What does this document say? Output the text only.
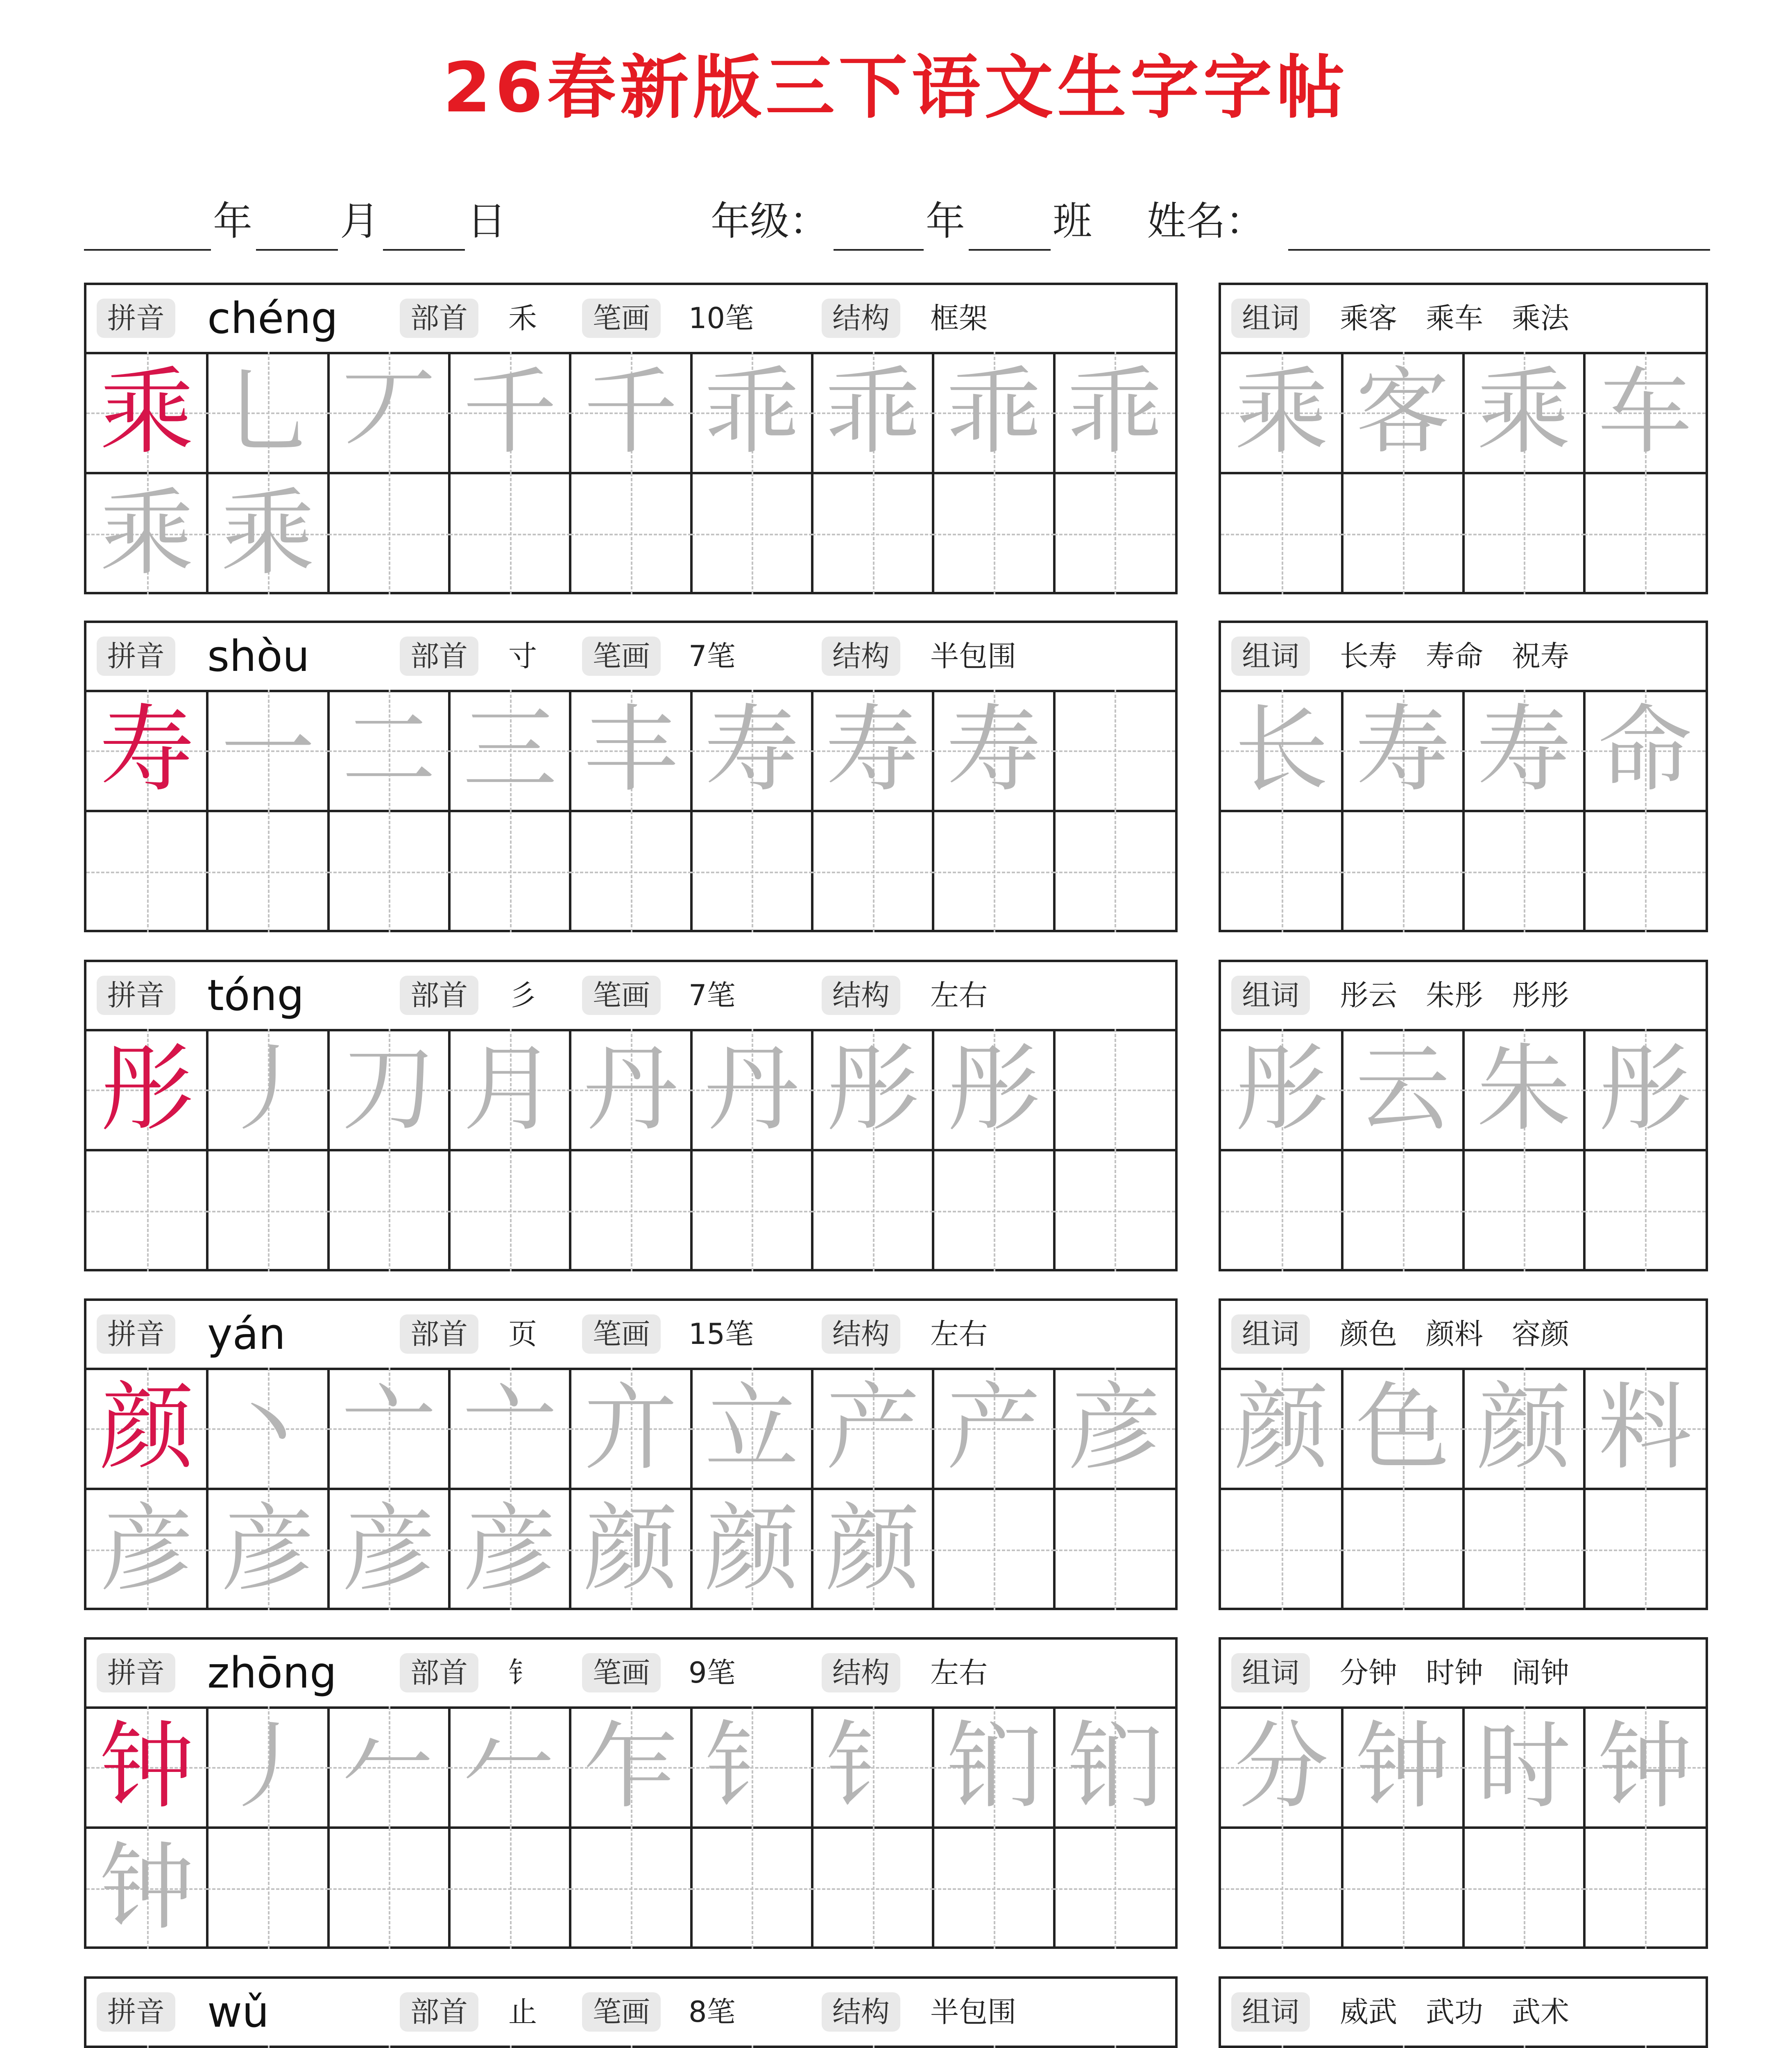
26春新版三下语文生字字帖
年 月 日	年级： 年 班 姓名：
拼音 chéng	部首	禾	笔画	10笔	结构	框架
乘 乚 丆 千 千 乖 乖 乖 乖
乘 乘
组词	乘客　乘车　乘法
乘 客 乘 车
拼音 shòu	部首	寸	笔画	7笔	结构	半包围
寿 一 二 三 丰 寿 寿 寿
组词	长寿　寿命　祝寿
长 寿 寿 命
拼音 tóng	部首	彡	笔画	7笔	结构	左右
彤 丿 刀 月 丹 丹 彤 彤
组词	彤云　朱彤　彤彤
彤 云 朱 彤
拼音 yán	部首	页	笔画	15笔	结构	左右
颜 丶 亠 亠 亣 立 产 产 彦
彦 彦 彦 彦 颜 颜 颜
组词	颜色　颜料　容颜
颜 色 颜 料
拼音 zhōng	部首	钅	笔画	9笔	结构	左右
钟 丿 𠂉 𠂉 乍 钅 钅 钔 钔
钟
组词	分钟　时钟　闹钟
分 钟 时 钟
拼音 wǔ	部首	止	笔画	8笔	结构	半包围	组词	威武　武功　武术
